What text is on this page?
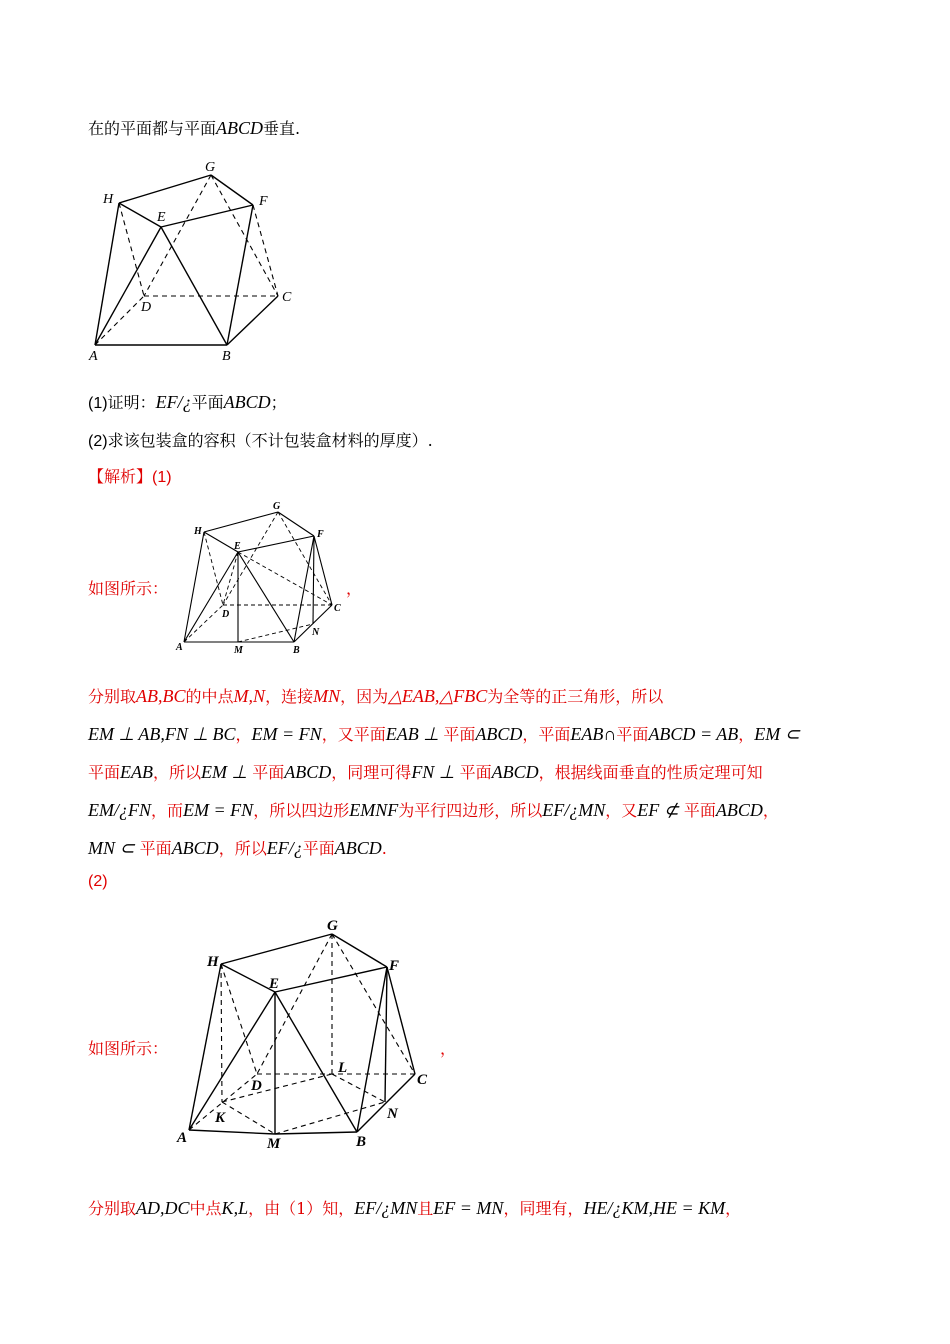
在的平面都与平面ABCD垂直.
H
G
F
E
D
C
A	B
(1)证明：EF/¿平面ABCD；
(2)求该包装盒的容积（不计包装盒材料的厚度）.
【解析】(1)
如图所示：	，
H
G
F
E
D
C
A	M	B
N
分别取AB,BC的中点M,N，连接MN，因为△EAB,△FBC为全等的正三角形，所以
EM ⊥ AB,FN ⊥ BC，EM = FN，又平面EAB ⊥ 平面ABCD，平面EAB∩平面ABCD = AB，EM ⊂
平面EAB，所以EM ⊥ 平面ABCD，同理可得FN ⊥ 平面ABCD，根据线面垂直的性质定理可知
EM/¿FN，而EM = FN，所以四边形EMNF为平行四边形，所以EF/¿MN，又EF ⊄ 平面ABCD，
MN ⊂ 平面ABCD，所以EF/¿平面ABCD.
(2)
如图所示：	，
H
G
F
E
D
L
C
K
A	M	B
N
分别取AD,DC中点K,L，由（1）知，EF/¿MN且EF = MN，同理有，HE/¿KM,HE = KM，
